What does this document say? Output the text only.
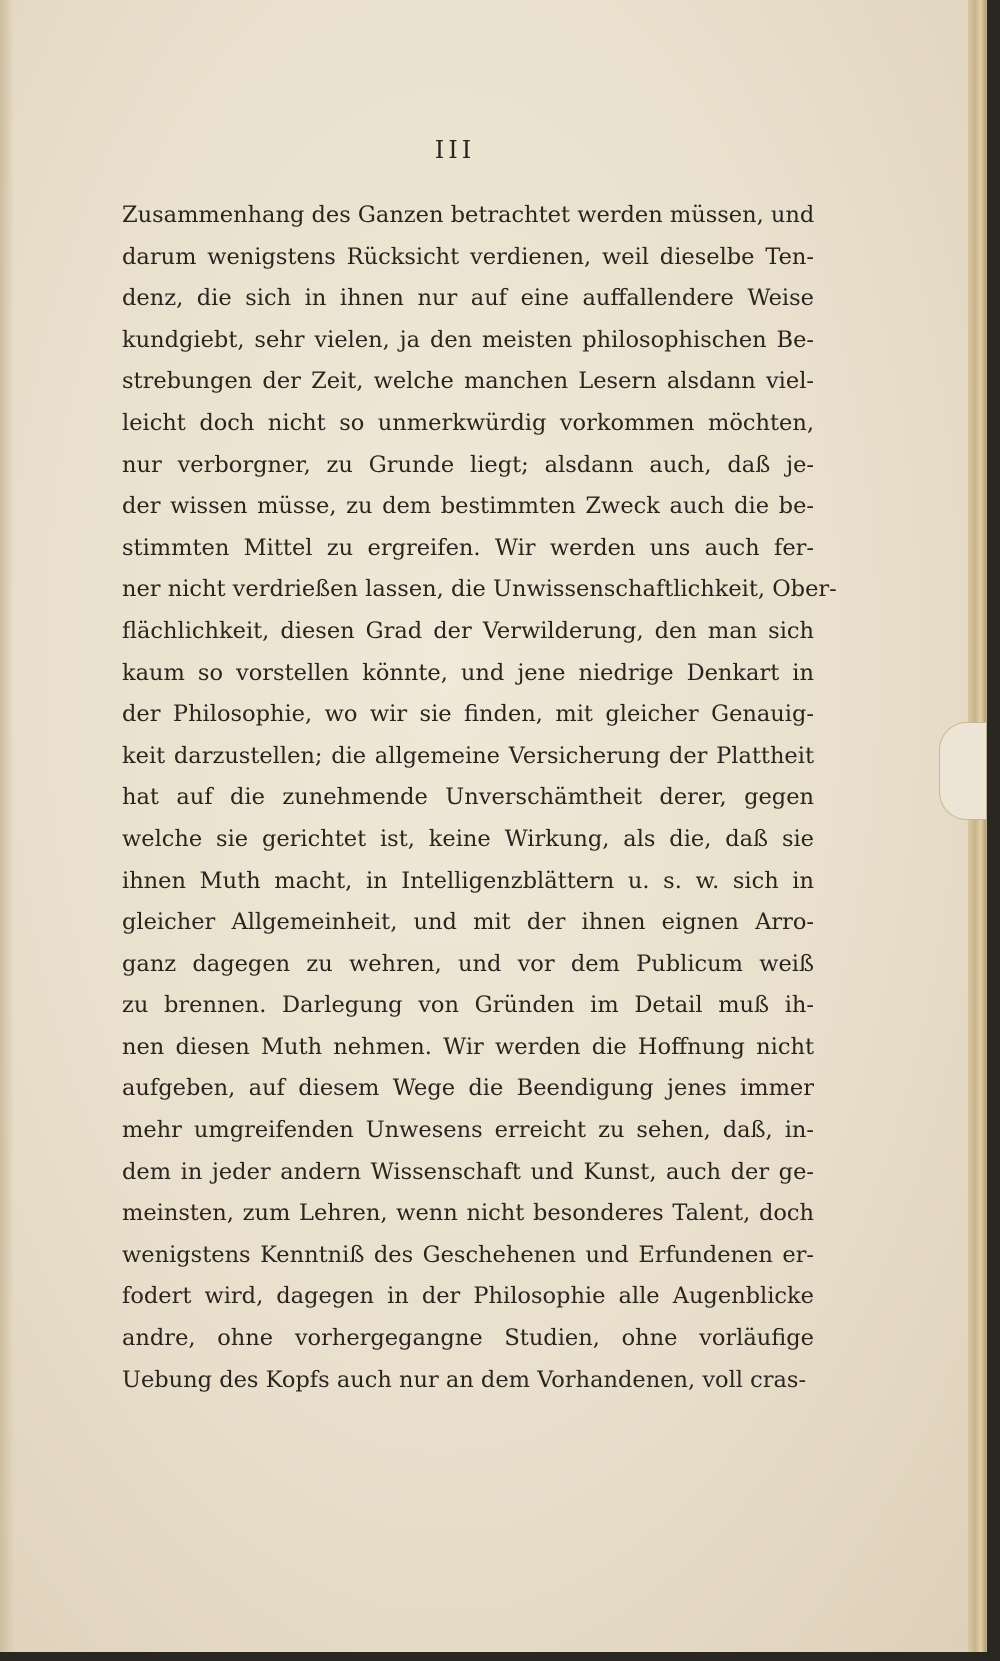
III
Zusammenhang des Ganzen betrachtet werden müssen, und
darum wenigstens Rücksicht verdienen, weil dieselbe Ten-
denz, die sich in ihnen nur auf eine auffallendere Weise
kundgiebt, sehr vielen, ja den meisten philosophischen Be-
strebungen der Zeit, welche manchen Lesern alsdann viel-
leicht doch nicht so unmerkwürdig vorkommen möchten,
nur verborgner, zu Grunde liegt; alsdann auch, daß je-
der wissen müsse, zu dem bestimmten Zweck auch die be-
stimmten Mittel zu ergreifen. Wir werden uns auch fer-
ner nicht verdrießen lassen, die Unwissenschaftlichkeit, Ober-
flächlichkeit, diesen Grad der Verwilderung, den man sich
kaum so vorstellen könnte, und jene niedrige Denkart in
der Philosophie, wo wir sie finden, mit gleicher Genauig-
keit darzustellen; die allgemeine Versicherung der Plattheit
hat auf die zunehmende Unverschämtheit derer, gegen
welche sie gerichtet ist, keine Wirkung, als die, daß sie
ihnen Muth macht, in Intelligenzblättern u. s. w. sich in
gleicher Allgemeinheit, und mit der ihnen eignen Arro-
ganz dagegen zu wehren, und vor dem Publicum weiß
zu brennen. Darlegung von Gründen im Detail muß ih-
nen diesen Muth nehmen. Wir werden die Hoffnung nicht
aufgeben, auf diesem Wege die Beendigung jenes immer
mehr umgreifenden Unwesens erreicht zu sehen, daß, in-
dem in jeder andern Wissenschaft und Kunst, auch der ge-
meinsten, zum Lehren, wenn nicht besonderes Talent, doch
wenigstens Kenntniß des Geschehenen und Erfundenen er-
fodert wird, dagegen in der Philosophie alle Augenblicke
andre, ohne vorhergegangne Studien, ohne vorläufige
Uebung des Kopfs auch nur an dem Vorhandenen, voll cras-
